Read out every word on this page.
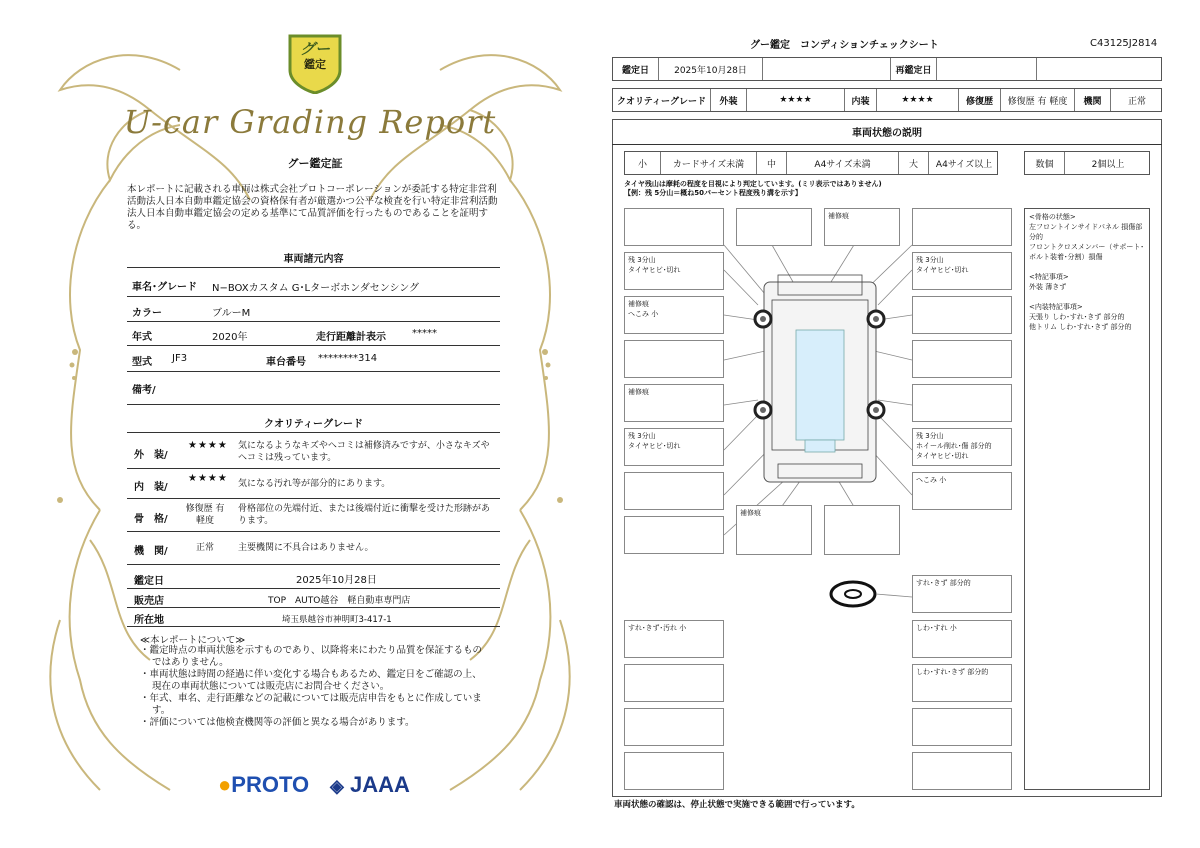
グー
鑑定
U-car Grading Report
グー鑑定証
本レポートに記載される車両は株式会社プロトコーポレーションが委託する特定非営利活動法人日本自動車鑑定協会の資格保有者が厳選かつ公平な検査を行い特定非営利活動法人日本自動車鑑定協会の定める基準にて品質評価を行ったものであることを証明する。
車両諸元内容
車名･グレード N−BOXカスタム G･Lターボホンダセンシング
カラー	ブルーM
年式	2020年	走行距離計表示	*****
型式 JF3	車台番号 ********314
備考/
クオリティーグレード
外　装/
★★★★ 気になるようなキズやヘコミは補修済みですが、小さなキズやヘコミは残っています。
内　装/
★★★★ 気になる汚れ等が部分的にあります。
骨　格/
修復歴 有 軽度
骨格部位の先端付近、または後端付近に衝撃を受けた形跡があります。
機　関/	正常	主要機関に不具合はありません。
鑑定日	2025年10月28日
販売店	TOP　AUTO越谷　軽自動車専門店
所在地	埼玉県越谷市神明町3-417-1
≪本レポートについて≫
・鑑定時点の車両状態を示すものであり、以降将来にわたり品質を保証するものではありません。
・車両状態は時間の経過に伴い変化する場合もあるため、鑑定日をご確認の上、現在の車両状態については販売店にお問合せください。
・年式、車名、走行距離などの記載については販売店申告をもとに作成しています。
・評価については他検査機関等の評価と異なる場合があります。
●PROTO ◈ JAAA
グー鑑定　コンディションチェックシート	C43125J2814
鑑定日	2025年10月28日	再鑑定日
クオリティーグレード	外装	★★★★	内装	★★★★	修復歴	修復歴 有 軽度	機関	正常
車両状態の説明
小	カードサイズ未満	中	A4サイズ未満	大	A4サイズ以上	数個	2個以上
タイヤ残山は摩耗の程度を目視により判定しています。(ミリ表示ではありません)
【例：残 5分山＝概ね50パーセント程度残り溝を示す】
補修痕
残 3分山
タイヤヒビ･切れ
残 3分山
タイヤヒビ･切れ
補修痕
へこみ 小
補修痕
残 3分山
タイヤヒビ･切れ
残 3分山
ホイール削れ･傷 部分的
タイヤヒビ･切れ
へこみ 小
補修痕
すれ･きず 部分的
すれ･きず･汚れ 小	しわ･すれ 小
しわ･すれ･きず 部分的
<骨格の状態>
左フロントインサイドパネル 損傷部分的
フロントクロスメンバー（サポート･ボルト装着･分割）損傷
<特記事項>
外装 薄きず
<内装特記事項>
天張り しわ･すれ･きず 部分的
他トリム しわ･すれ･きず 部分的
車両状態の確認は、停止状態で実施できる範囲で行っています。
